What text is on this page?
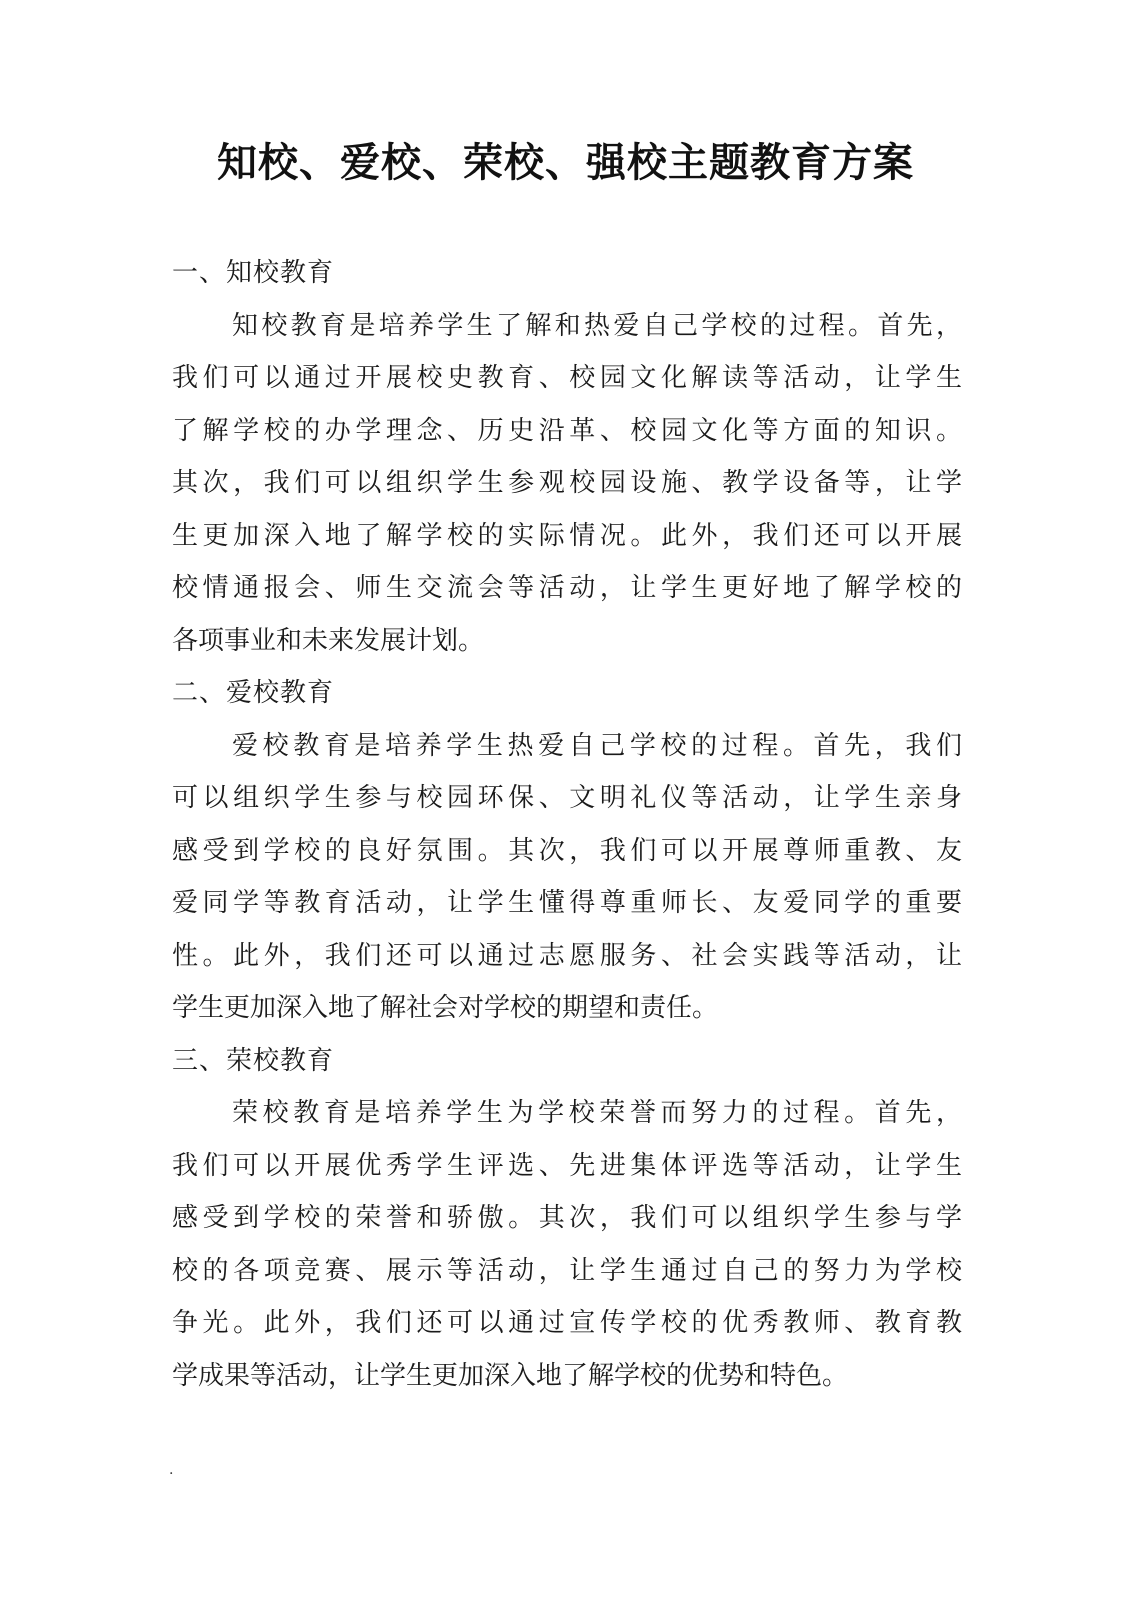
知校、爱校、荣校、强校主题教育方案
一、知校教育
知校教育是培养学生了解和热爱自己学校的过程。首先，
我们可以通过开展校史教育、校园文化解读等活动，让学生
了解学校的办学理念、历史沿革、校园文化等方面的知识。
其次，我们可以组织学生参观校园设施、教学设备等，让学
生更加深入地了解学校的实际情况。此外，我们还可以开展
校情通报会、师生交流会等活动，让学生更好地了解学校的
各项事业和未来发展计划。
二、爱校教育
爱校教育是培养学生热爱自己学校的过程。首先，我们
可以组织学生参与校园环保、文明礼仪等活动，让学生亲身
感受到学校的良好氛围。其次，我们可以开展尊师重教、友
爱同学等教育活动，让学生懂得尊重师长、友爱同学的重要
性。此外，我们还可以通过志愿服务、社会实践等活动，让
学生更加深入地了解社会对学校的期望和责任。
三、荣校教育
荣校教育是培养学生为学校荣誉而努力的过程。首先，
我们可以开展优秀学生评选、先进集体评选等活动，让学生
感受到学校的荣誉和骄傲。其次，我们可以组织学生参与学
校的各项竞赛、展示等活动，让学生通过自己的努力为学校
争光。此外，我们还可以通过宣传学校的优秀教师、教育教
学成果等活动，让学生更加深入地了解学校的优势和特色。
.
